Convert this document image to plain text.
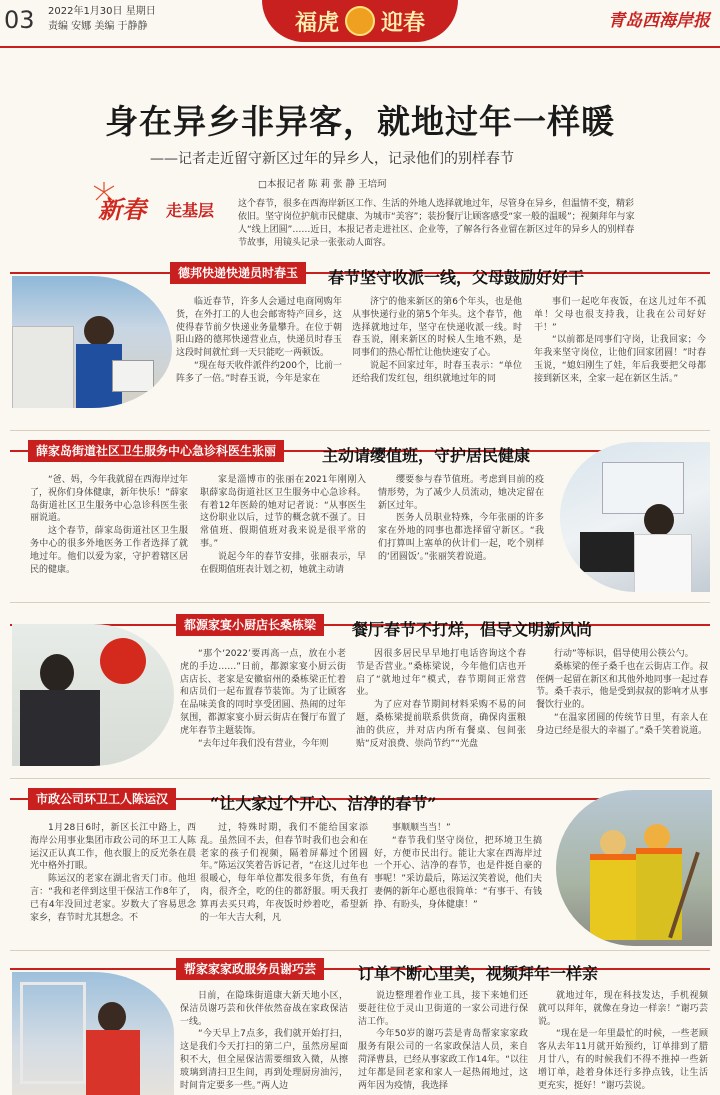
03 2022年1月30日 星期日
责编 安娜 美编 于静静	福虎 迎春	青岛西海岸报
身在异乡非异客，就地过年一样暖
——记者走近留守新区过年的异乡人，记录他们的别样春节
□本报记者 陈 莉 张 静 王培珂
新春 走基层	这个春节，很多在西海岸新区工作、生活的外地人选择就地过年，尽管身在异乡，但温情不变，精彩依旧。坚守岗位护航市民健康、为城市“美容”；装扮餐厅让顾客感受“家一般的温暖”；视频拜年与家人“线上团圆”……近日，本报记者走进社区、企业等，了解各行各业留在新区过年的异乡人的别样春节故事，用镜头记录一张张动人面容。
德邦快递快递员时春玉	春节坚守收派一线，父母鼓励好好干
临近春节，许多人会通过电商网购年货，在外打工的人也会邮寄特产回乡，这使得春节前夕快递业务量攀升。在位于朝阳山路的德邦快递营业点，快递员时春玉这段时间就忙到一天只能吃一两顿饭。
“现在每天收件派件约200个，比前一阵多了一倍。”时春玉说，今年是家在
济宁的他来新区的第6个年头，也是他从事快递行业的第5个年头。这个春节，他选择就地过年，坚守在快递收派一线。时春玉说，刚来新区的时候人生地不熟，是同事们的热心帮忙让他快速安了心。
说起不回家过年，时春玉表示：“单位还给我们发红包，组织就地过年的同
事们一起吃年夜饭，在这儿过年不孤单！父母也很支持我，让我在公司好好干！”
“以前都是同事们守岗，让我回家；今年我来坚守岗位，让他们回家团圆！”时春玉说，“媳妇刚生了娃，年后我要把父母都接到新区来，全家一起在新区生活。”
薛家岛街道社区卫生服务中心急诊科医生张丽	主动请缨值班，守护居民健康
“爸、妈，今年我就留在西海岸过年了，祝你们身体健康，新年快乐！”薛家岛街道社区卫生服务中心急诊科医生张丽说道。
这个春节，薛家岛街道社区卫生服务中心的很多外地医务工作者选择了就地过年。他们以爱为家，守护着辖区居民的健康。
家是淄博市的张丽在2021年刚刚入职薛家岛街道社区卫生服务中心急诊科。有着12年医龄的她对记者说：“从事医生这份职业以后，过节的概念就不强了。日常值班、假期值班对我来说是很平常的事。”
说起今年的春节安排，张丽表示，早在假期值班表计划之初，她就主动请
缨要参与春节值班。考虑到目前的疫情形势，为了减少人员流动，她决定留在新区过年。
医务人员职业特殊，今年张丽的许多家在外地的同事也都选择留守新区。“我们打算叫上塞单的伙计们一起，吃个别样的‘团圆饭’。”张丽笑着说道。
都源家宴小厨店长桑栋梁	餐厅春节不打烊，倡导文明新风尚
“那个‘2022’要再高一点，放在小老虎的手边……”日前，都源家宴小厨云街店店长、老家是安徽宿州的桑栋梁正忙着和店员们一起布置春节装饰。为了让顾客在品味美食的同时享受团圆、热闹的过年氛围，都源家宴小厨云街店在餐厅布置了虎年春节主题装饰。
“去年过年我们没有营业，今年则
因很多居民早早地打电话咨询这个春节是否营业。”桑栋梁说，今年他们店也开启了“就地过年”模式，春节期间正常营业。
为了应对春节期间材料采购不易的问题，桑栋梁提前联系供货商，确保肉蛋粮油的供应，并对店内所有餐桌、包间张贴“反对浪费、崇尚节约”“光盘
行动”等标识，倡导使用公筷公勺。
桑栋梁的侄子桑千也在云街店工作。叔侄俩一起留在新区和其他外地同事一起过春节。桑千表示，他是受到叔叔的影响才从事餐饮行业的。
“在温家团圆的传统节日里，有亲人在身边已经是很大的幸福了。”桑千笑着说道。
市政公司环卫工人陈运汉	“让大家过个开心、洁净的春节”
1月28日6时，新区长江中路上，西海岸公用事业集团市政公司的环卫工人陈运汉正认真工作，他衣服上的反光条在晨光中格外打眼。
陈运汉的老家在湖北省天门市。他坦言：“我和老伴到这里干保洁工作8年了，已有4年没回过老家。岁数大了容易思念家乡，春节时尤其想念。不
过，特殊时期，我们不能给国家添乱。虽然回不去，但春节时我们也会和在老家的孩子们视频，隔着屏幕过个团圆年。”陈运汉笑着告诉记者，“在这儿过年也很暖心，每年单位都发很多年货，有鱼有肉，很齐全，吃的住的都舒服。明天我打算再去买只鸡，年夜饭时炒着吃，希望新的一年大吉大利，凡
事顺顺当当！”
“春节我们坚守岗位，把环境卫生搞好，方便市民出行。能让大家在西海岸过一个开心、洁净的春节，也是件挺自豪的事呢！”采访最后，陈运汉笑着说，他们夫妻俩的新年心愿也很简单：“有事干、有钱挣、有盼头，身体健康！”
帮家家家政服务员谢巧芸	订单不断心里美，视频拜年一样亲
日前，在隐珠街道康大新天地小区，保洁员谢巧芸和伙伴依然奋战在家政保洁一线。
“今天早上7点多，我们就开始打扫，这是我们今天打扫的第二户，虽然房屋面积不大，但全屋保洁需要细致入微，从擦玻璃到清扫卫生间，再到处理厨房油污，时间肯定要多一些。”两人边
说边整理着作业工具，接下来她们还要赶往位于灵山卫街道的一家公司进行保洁工作。
今年50岁的谢巧芸是青岛帮家家家政服务有限公司的一名家政保洁人员，来自菏泽曹县，已经从事家政工作14年。“以往过年都是回老家和家人一起热闹地过，这两年因为疫情，我选择
就地过年，现在科技发达，手机视频就可以拜年，就像在身边一样亲！”谢巧芸说。
“现在是一年里最忙的时候，一些老顾客从去年11月就开始预约，订单排到了腊月廿八，有的时候我们不得不推掉一些新增订单，趁着身体还行多挣点钱，让生活更充实，挺好！”谢巧芸说。
